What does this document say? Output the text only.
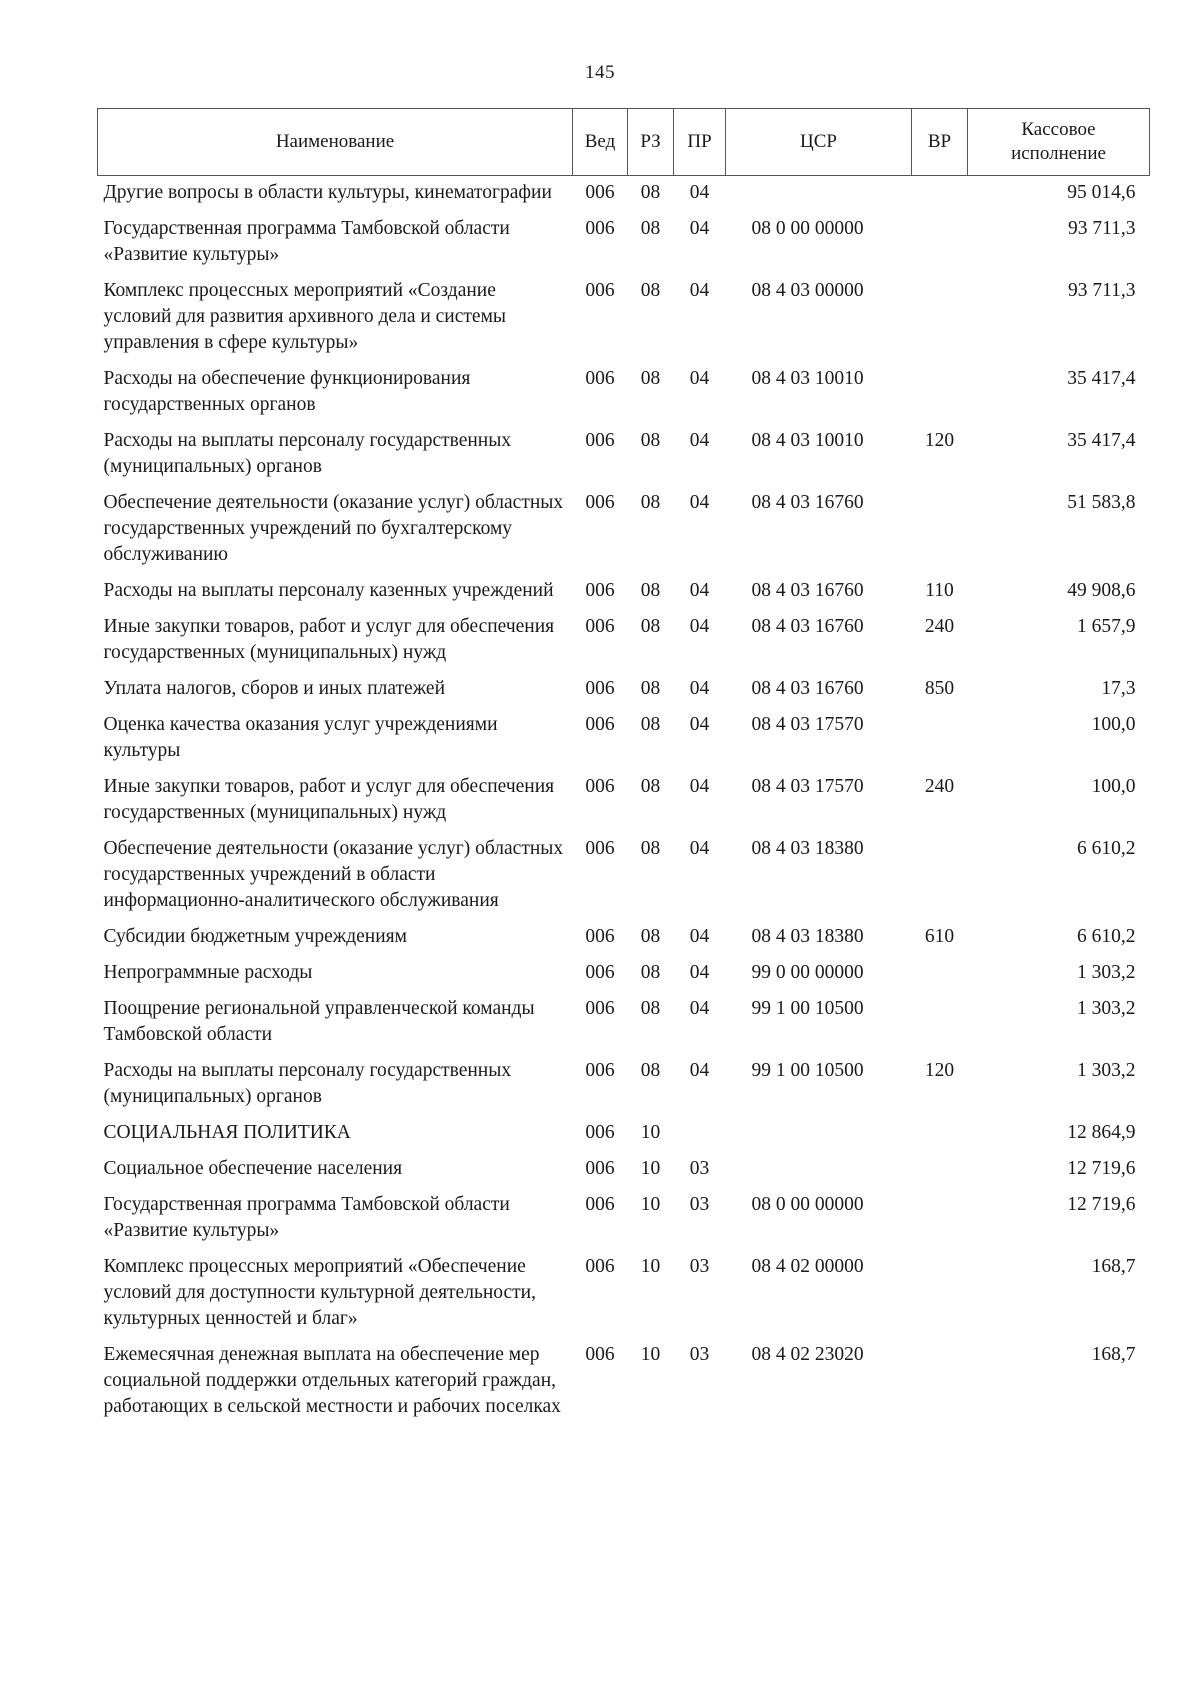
145
Наименование	Вед	РЗ	ПР	ЦСР	ВР	Кассовое исполнение
Другие вопросы в области культуры, кинематографии	006	08	04			95 014,6
Государственная программа Тамбовской области «Развитие культуры»	006	08	04	08 0 00 00000		93 711,3
Комплекс процессных мероприятий «Создание условий для развития архивного дела и системы управления в сфере культуры»	006	08	04	08 4 03 00000		93 711,3
Расходы на обеспечение функционирования государственных органов	006	08	04	08 4 03 10010		35 417,4
Расходы на выплаты персоналу государственных (муниципальных) органов	006	08	04	08 4 03 10010	120	35 417,4
Обеспечение деятельности (оказание услуг) областных государственных учреждений по бухгалтерскому обслуживанию	006	08	04	08 4 03 16760		51 583,8
Расходы на выплаты персоналу казенных учреждений	006	08	04	08 4 03 16760	110	49 908,6
Иные закупки товаров, работ и услуг для обеспечения государственных (муниципальных) нужд	006	08	04	08 4 03 16760	240	1 657,9
Уплата налогов, сборов и иных платежей	006	08	04	08 4 03 16760	850	17,3
Оценка качества оказания услуг учреждениями культуры	006	08	04	08 4 03 17570		100,0
Иные закупки товаров, работ и услуг для обеспечения государственных (муниципальных) нужд	006	08	04	08 4 03 17570	240	100,0
Обеспечение деятельности (оказание услуг) областных государственных учреждений в области информационно-аналитического обслуживания	006	08	04	08 4 03 18380		6 610,2
Субсидии бюджетным учреждениям	006	08	04	08 4 03 18380	610	6 610,2
Непрограммные расходы	006	08	04	99 0 00 00000		1 303,2
Поощрение региональной управленческой команды Тамбовской области	006	08	04	99 1 00 10500		1 303,2
Расходы на выплаты персоналу государственных (муниципальных) органов	006	08	04	99 1 00 10500	120	1 303,2
СОЦИАЛЬНАЯ ПОЛИТИКА	006	10				12 864,9
Социальное обеспечение населения	006	10	03			12 719,6
Государственная программа Тамбовской области «Развитие культуры»	006	10	03	08 0 00 00000		12 719,6
Комплекс процессных мероприятий «Обеспечение условий для доступности культурной деятельности, культурных ценностей и благ»	006	10	03	08 4 02 00000		168,7
Ежемесячная денежная выплата на обеспечение мер социальной поддержки отдельных категорий граждан, работающих в сельской местности и рабочих поселках	006	10	03	08 4 02 23020		168,7
